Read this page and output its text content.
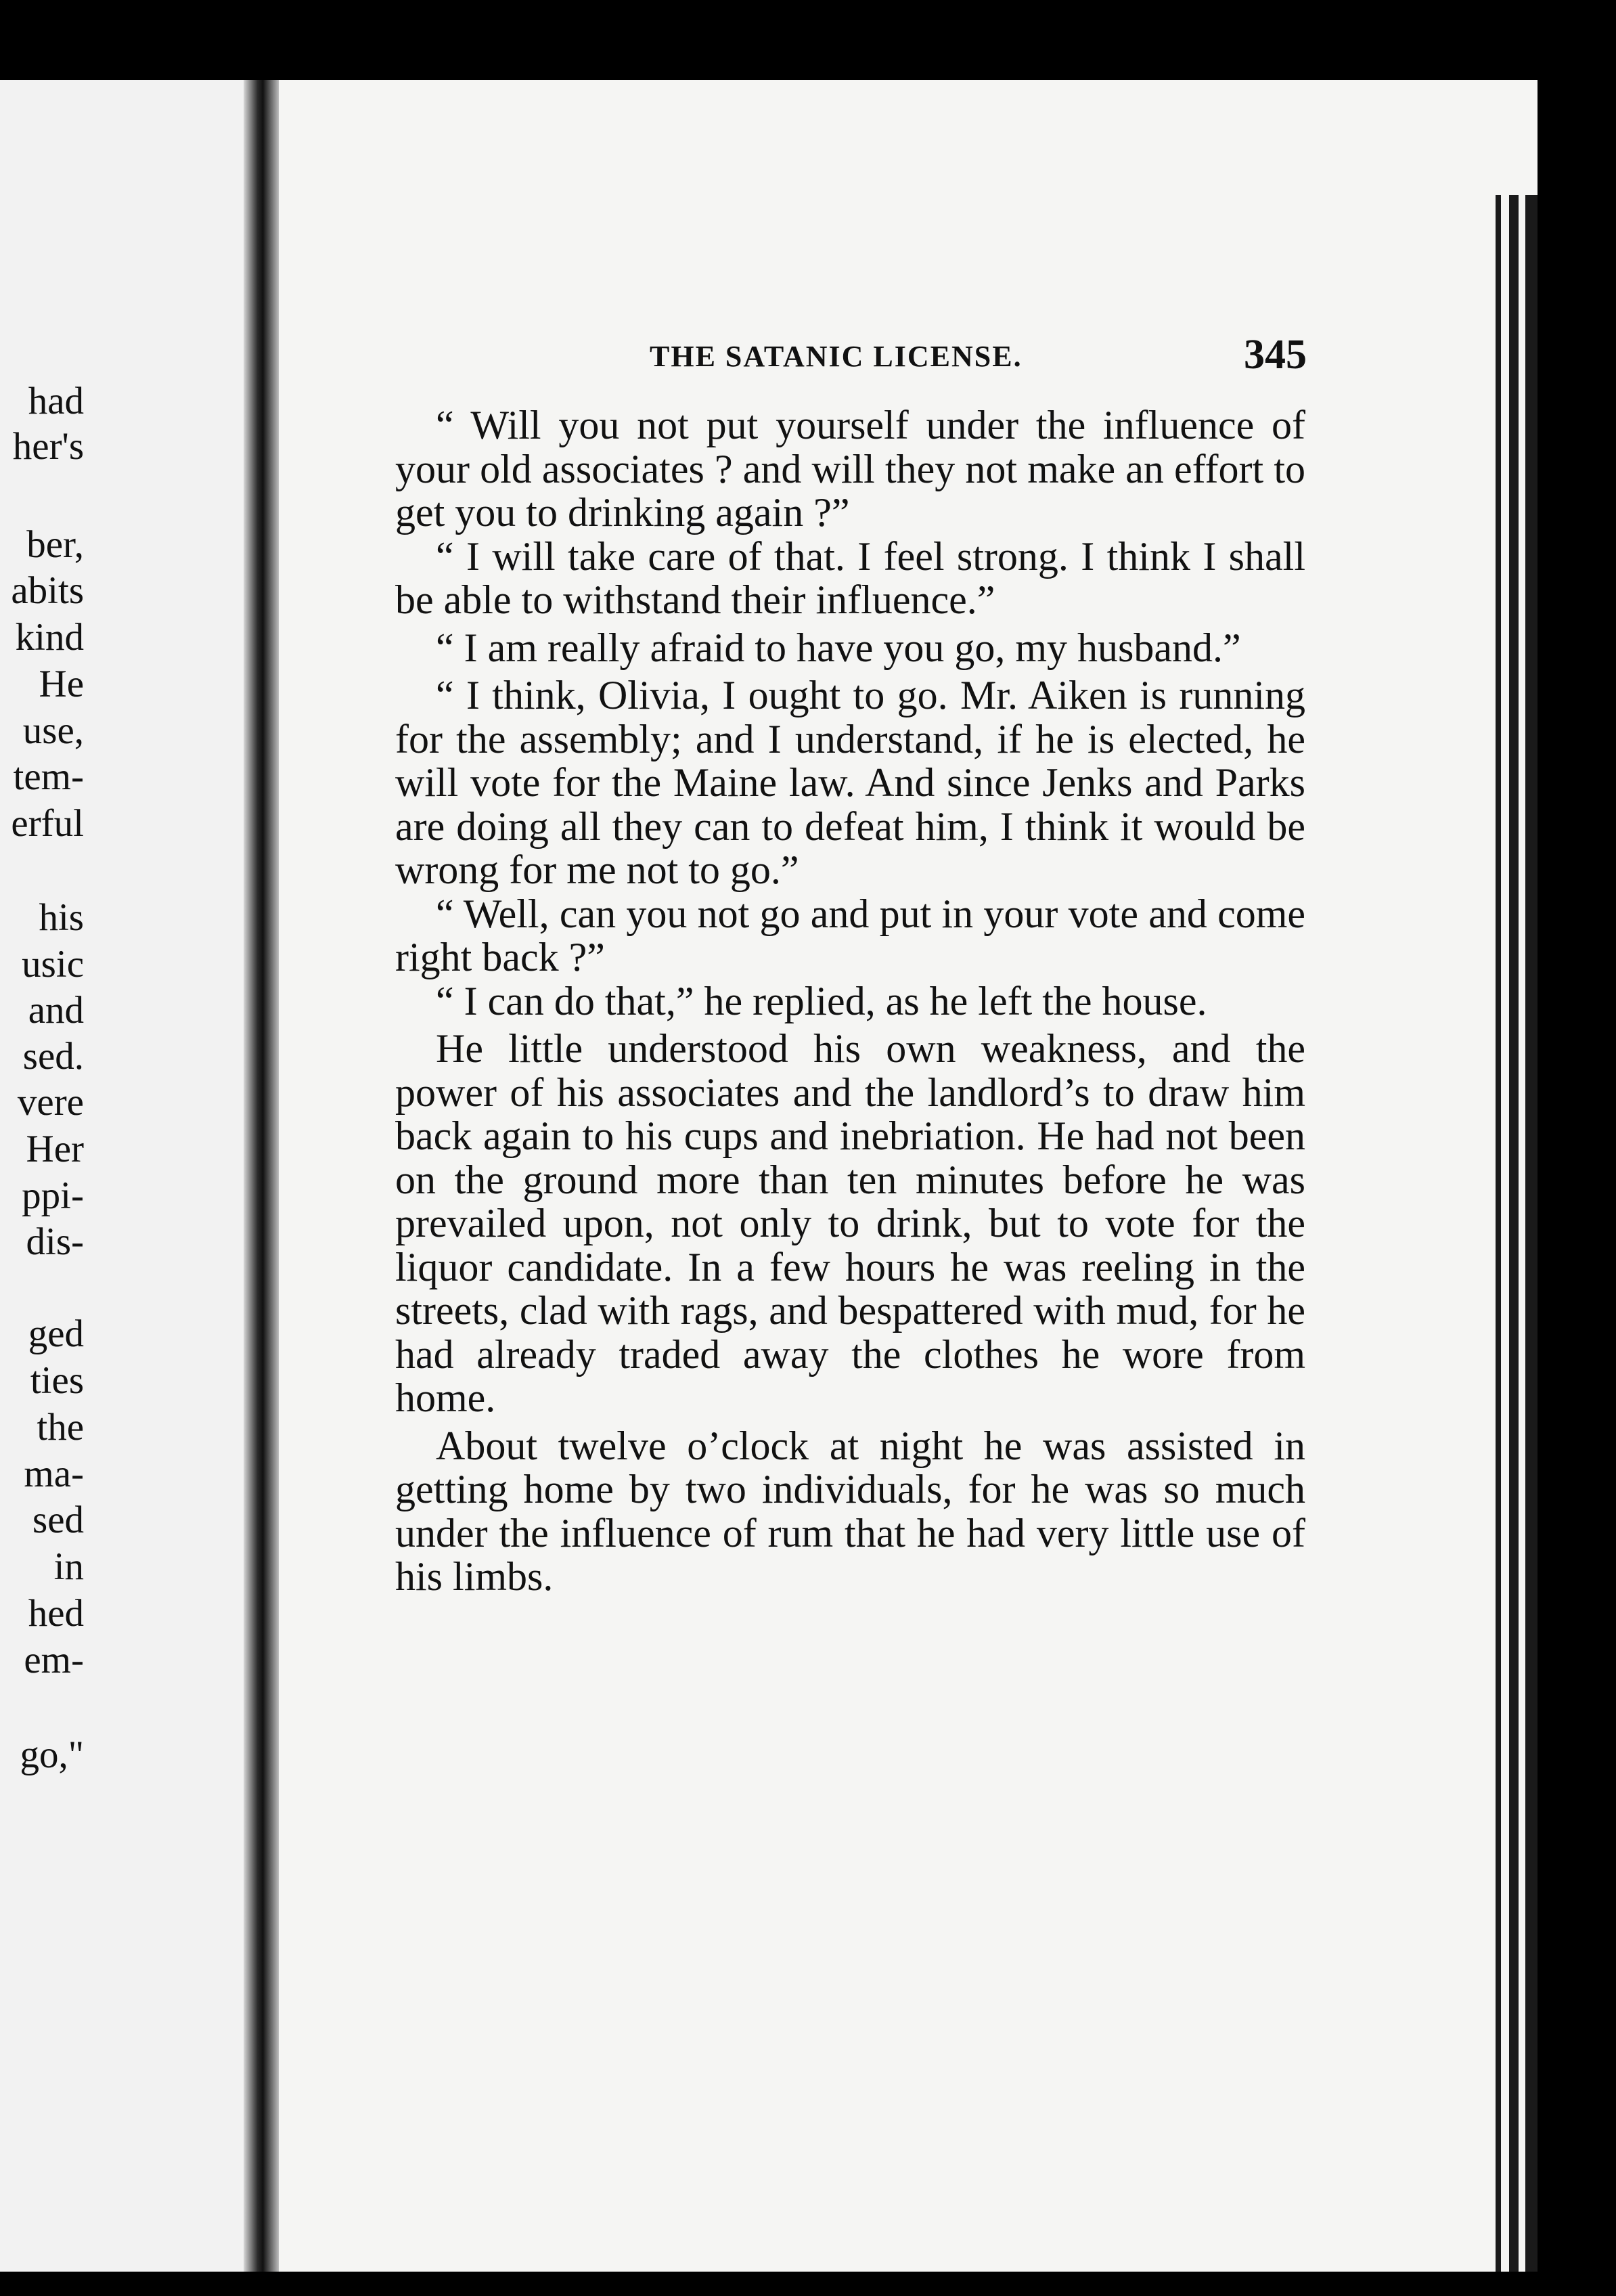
had
her's
ber,
abits
kind
He
use,
tem-
erful
his
usic
and
sed.
vere
Her
ppi-
dis-
ged
ties
the
ma-
sed
in
hed
em-
go,"
THE SATANIC LICENSE.	345

“ Will you not put yourself under the influence of your old associates ? and will they not make an effort to get you to drinking again ?”

“ I will take care of that. I feel strong. I think I shall be able to withstand their influence.”

“ I am really afraid to have you go, my husband.”

“ I think, Olivia, I ought to go. Mr. Aiken is running for the assembly; and I understand, if he is elected, he will vote for the Maine law. And since Jenks and Parks are doing all they can to defeat him, I think it would be wrong for me not to go.”

“ Well, can you not go and put in your vote and come right back ?”

“ I can do that,” he replied, as he left the house.

He little understood his own weakness, and the power of his associates and the landlord’s to draw him back again to his cups and inebriation. He had not been on the ground more than ten minutes before he was prevailed upon, not only to drink, but to vote for the liquor candidate. In a few hours he was reeling in the streets, clad with rags, and bespattered with mud, for he had already traded away the clothes he wore from home.

About twelve o’clock at night he was assisted in getting home by two individuals, for he was so much under the influence of rum that he had very little use of his limbs.
